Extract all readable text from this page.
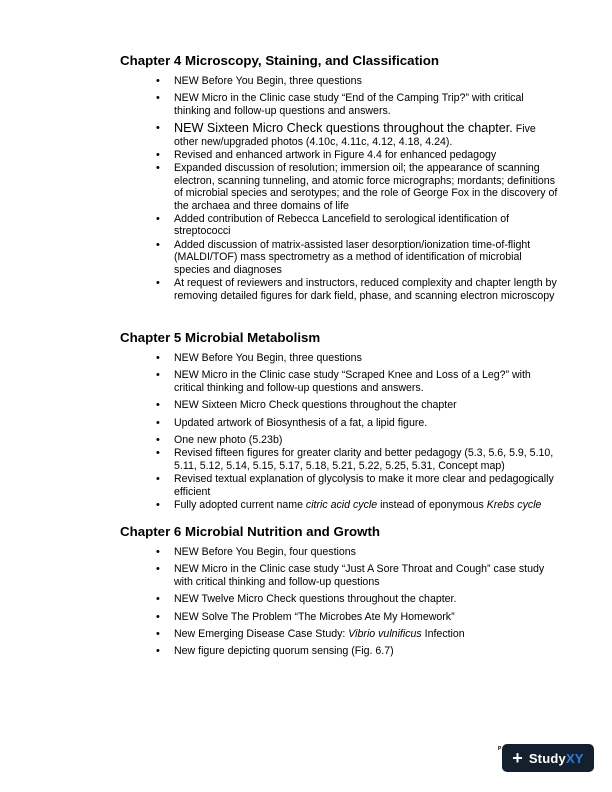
Chapter 4 Microscopy, Staining, and Classification
• NEW Before You Begin, three questions
• NEW Micro in the Clinic case study “End of the Camping Trip?” with critical thinking and follow-up questions and answers.
• NEW Sixteen Micro Check questions throughout the chapter. Five other new/upgraded photos (4.10c, 4.11c, 4.12, 4.18, 4.24).
• Revised and enhanced artwork in Figure 4.4 for enhanced pedagogy
• Expanded discussion of resolution; immersion oil; the appearance of scanning electron, scanning tunneling, and atomic force micrographs; mordants; definitions of microbial species and serotypes; and the role of George Fox in the discovery of the archaea and three domains of life
• Added contribution of Rebecca Lancefield to serological identification of streptococci
• Added discussion of matrix-assisted laser desorption/ionization time-of-flight (MALDI/TOF) mass spectrometry as a method of identification of microbial species and diagnoses
• At request of reviewers and instructors, reduced complexity and chapter length by removing detailed figures for dark field, phase, and scanning electron microscopy
Chapter 5 Microbial Metabolism
• NEW Before You Begin, three questions
• NEW Micro in the Clinic case study “Scraped Knee and Loss of a Leg?” with critical thinking and follow-up questions and answers.
• NEW Sixteen Micro Check questions throughout the chapter
• Updated artwork of Biosynthesis of a fat, a lipid figure.
• One new photo (5.23b)
• Revised fifteen figures for greater clarity and better pedagogy (5.3, 5.6, 5.9, 5.10, 5.11, 5.12, 5.14, 5.15, 5.17, 5.18, 5.21, 5.22, 5.25, 5.31, Concept map)
• Revised textual explanation of glycolysis to make it more clear and pedagogically efficient
• Fully adopted current name citric acid cycle instead of eponymous Krebs cycle
Chapter 6 Microbial Nutrition and Growth
• NEW Before You Begin, four questions
• NEW Micro in the Clinic case study “Just A Sore Throat and Cough” case study with critical thinking and follow-up questions
• NEW Twelve Micro Check questions throughout the chapter.
• NEW Solve The Problem “The Microbes Ate My Homework”
• New Emerging Disease Case Study: Vibrio vulnificus Infection
• New figure depicting quorum sensing (Fig. 6.7)
P + StudyXY
